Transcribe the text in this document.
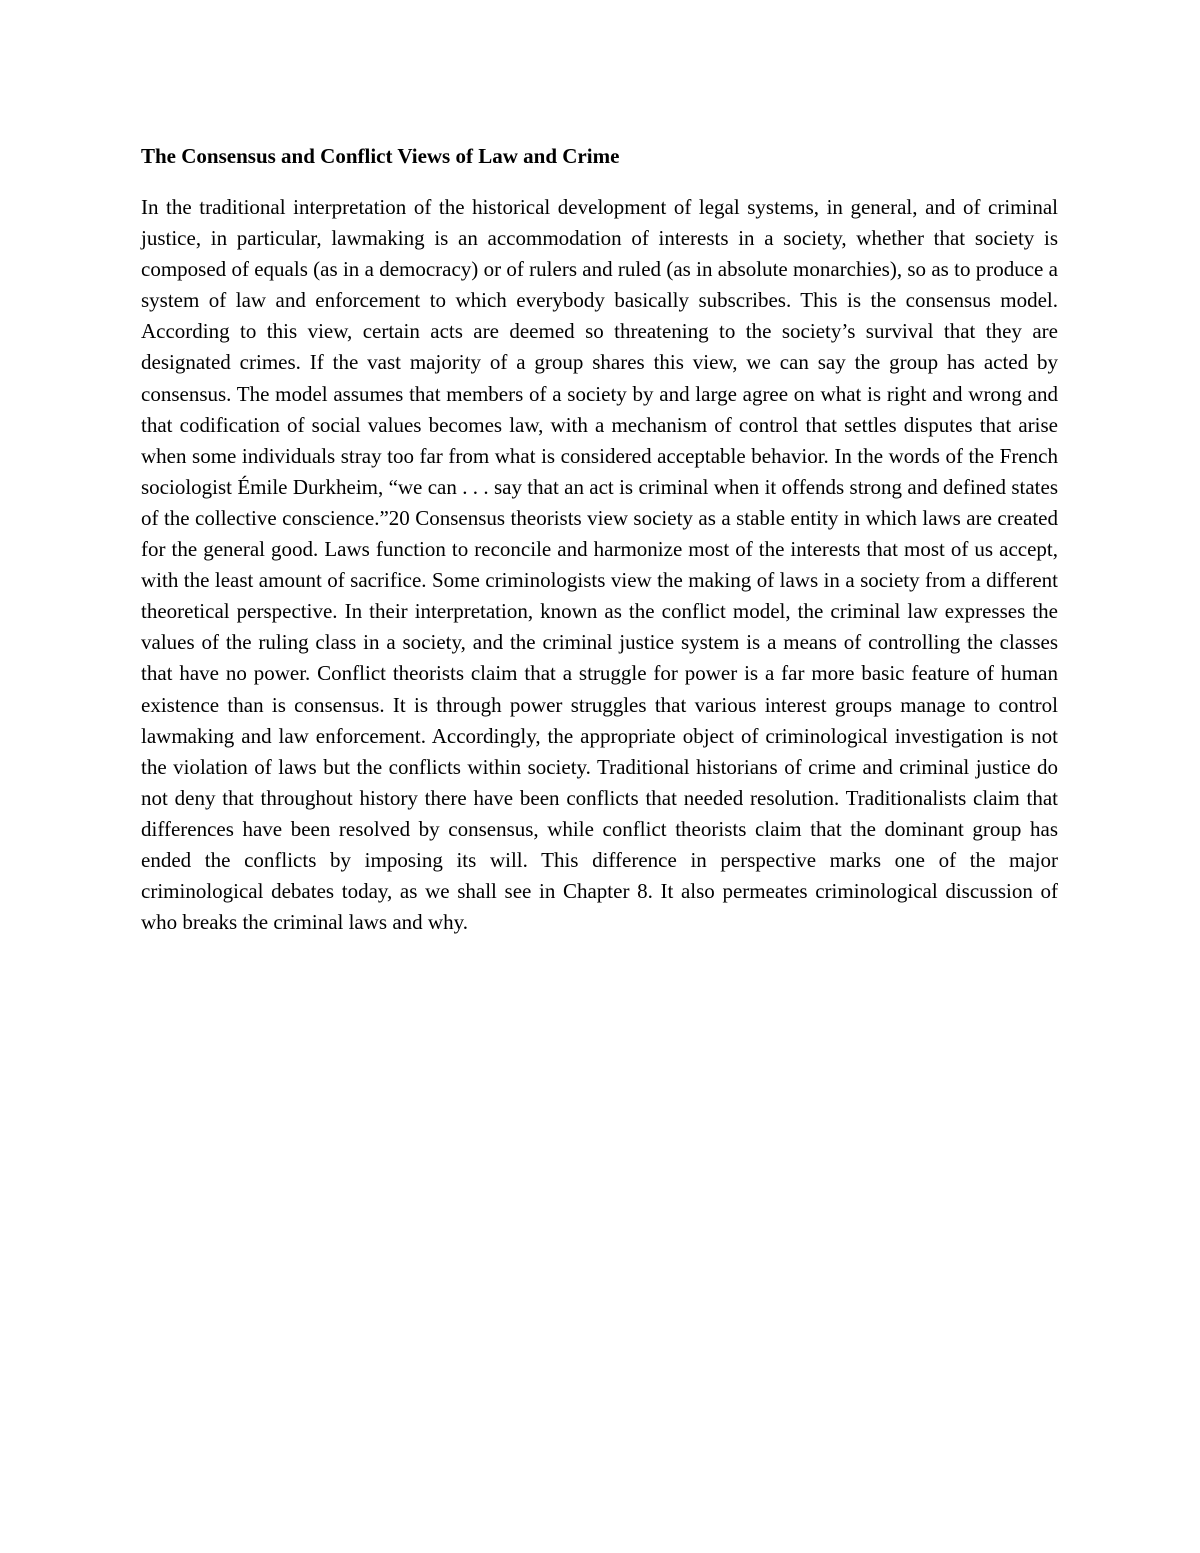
The Consensus and Conflict Views of Law and Crime

In the traditional interpretation of the historical development of legal systems, in general, and of criminal justice, in particular, lawmaking is an accommodation of interests in a society, whether that society is composed of equals (as in a democracy) or of rulers and ruled (as in absolute monarchies), so as to produce a system of law and enforcement to which everybody basically subscribes. This is the consensus model. According to this view, certain acts are deemed so threatening to the society’s survival that they are designated crimes. If the vast majority of a group shares this view, we can say the group has acted by consensus. The model assumes that members of a society by and large agree on what is right and wrong and that codification of social values becomes law, with a mechanism of control that settles disputes that arise when some individuals stray too far from what is considered acceptable behavior. In the words of the French sociologist Émile Durkheim, “we can . . . say that an act is criminal when it offends strong and defined states of the collective conscience.”20 Consensus theorists view society as a stable entity in which laws are created for the general good. Laws function to reconcile and harmonize most of the interests that most of us accept, with the least amount of sacrifice. Some criminologists view the making of laws in a society from a different theoretical perspective. In their interpretation, known as the conflict model, the criminal law expresses the values of the ruling class in a society, and the criminal justice system is a means of controlling the classes that have no power. Conflict theorists claim that a struggle for power is a far more basic feature of human existence than is consensus. It is through power struggles that various interest groups manage to control lawmaking and law enforcement. Accordingly, the appropriate object of criminological investigation is not the violation of laws but the conflicts within society. Traditional historians of crime and criminal justice do not deny that throughout history there have been conflicts that needed resolution. Traditionalists claim that differences have been resolved by consensus, while conflict theorists claim that the dominant group has ended the conflicts by imposing its will. This difference in perspective marks one of the major criminological debates today, as we shall see in Chapter 8. It also permeates criminological discussion of who breaks the criminal laws and why.
